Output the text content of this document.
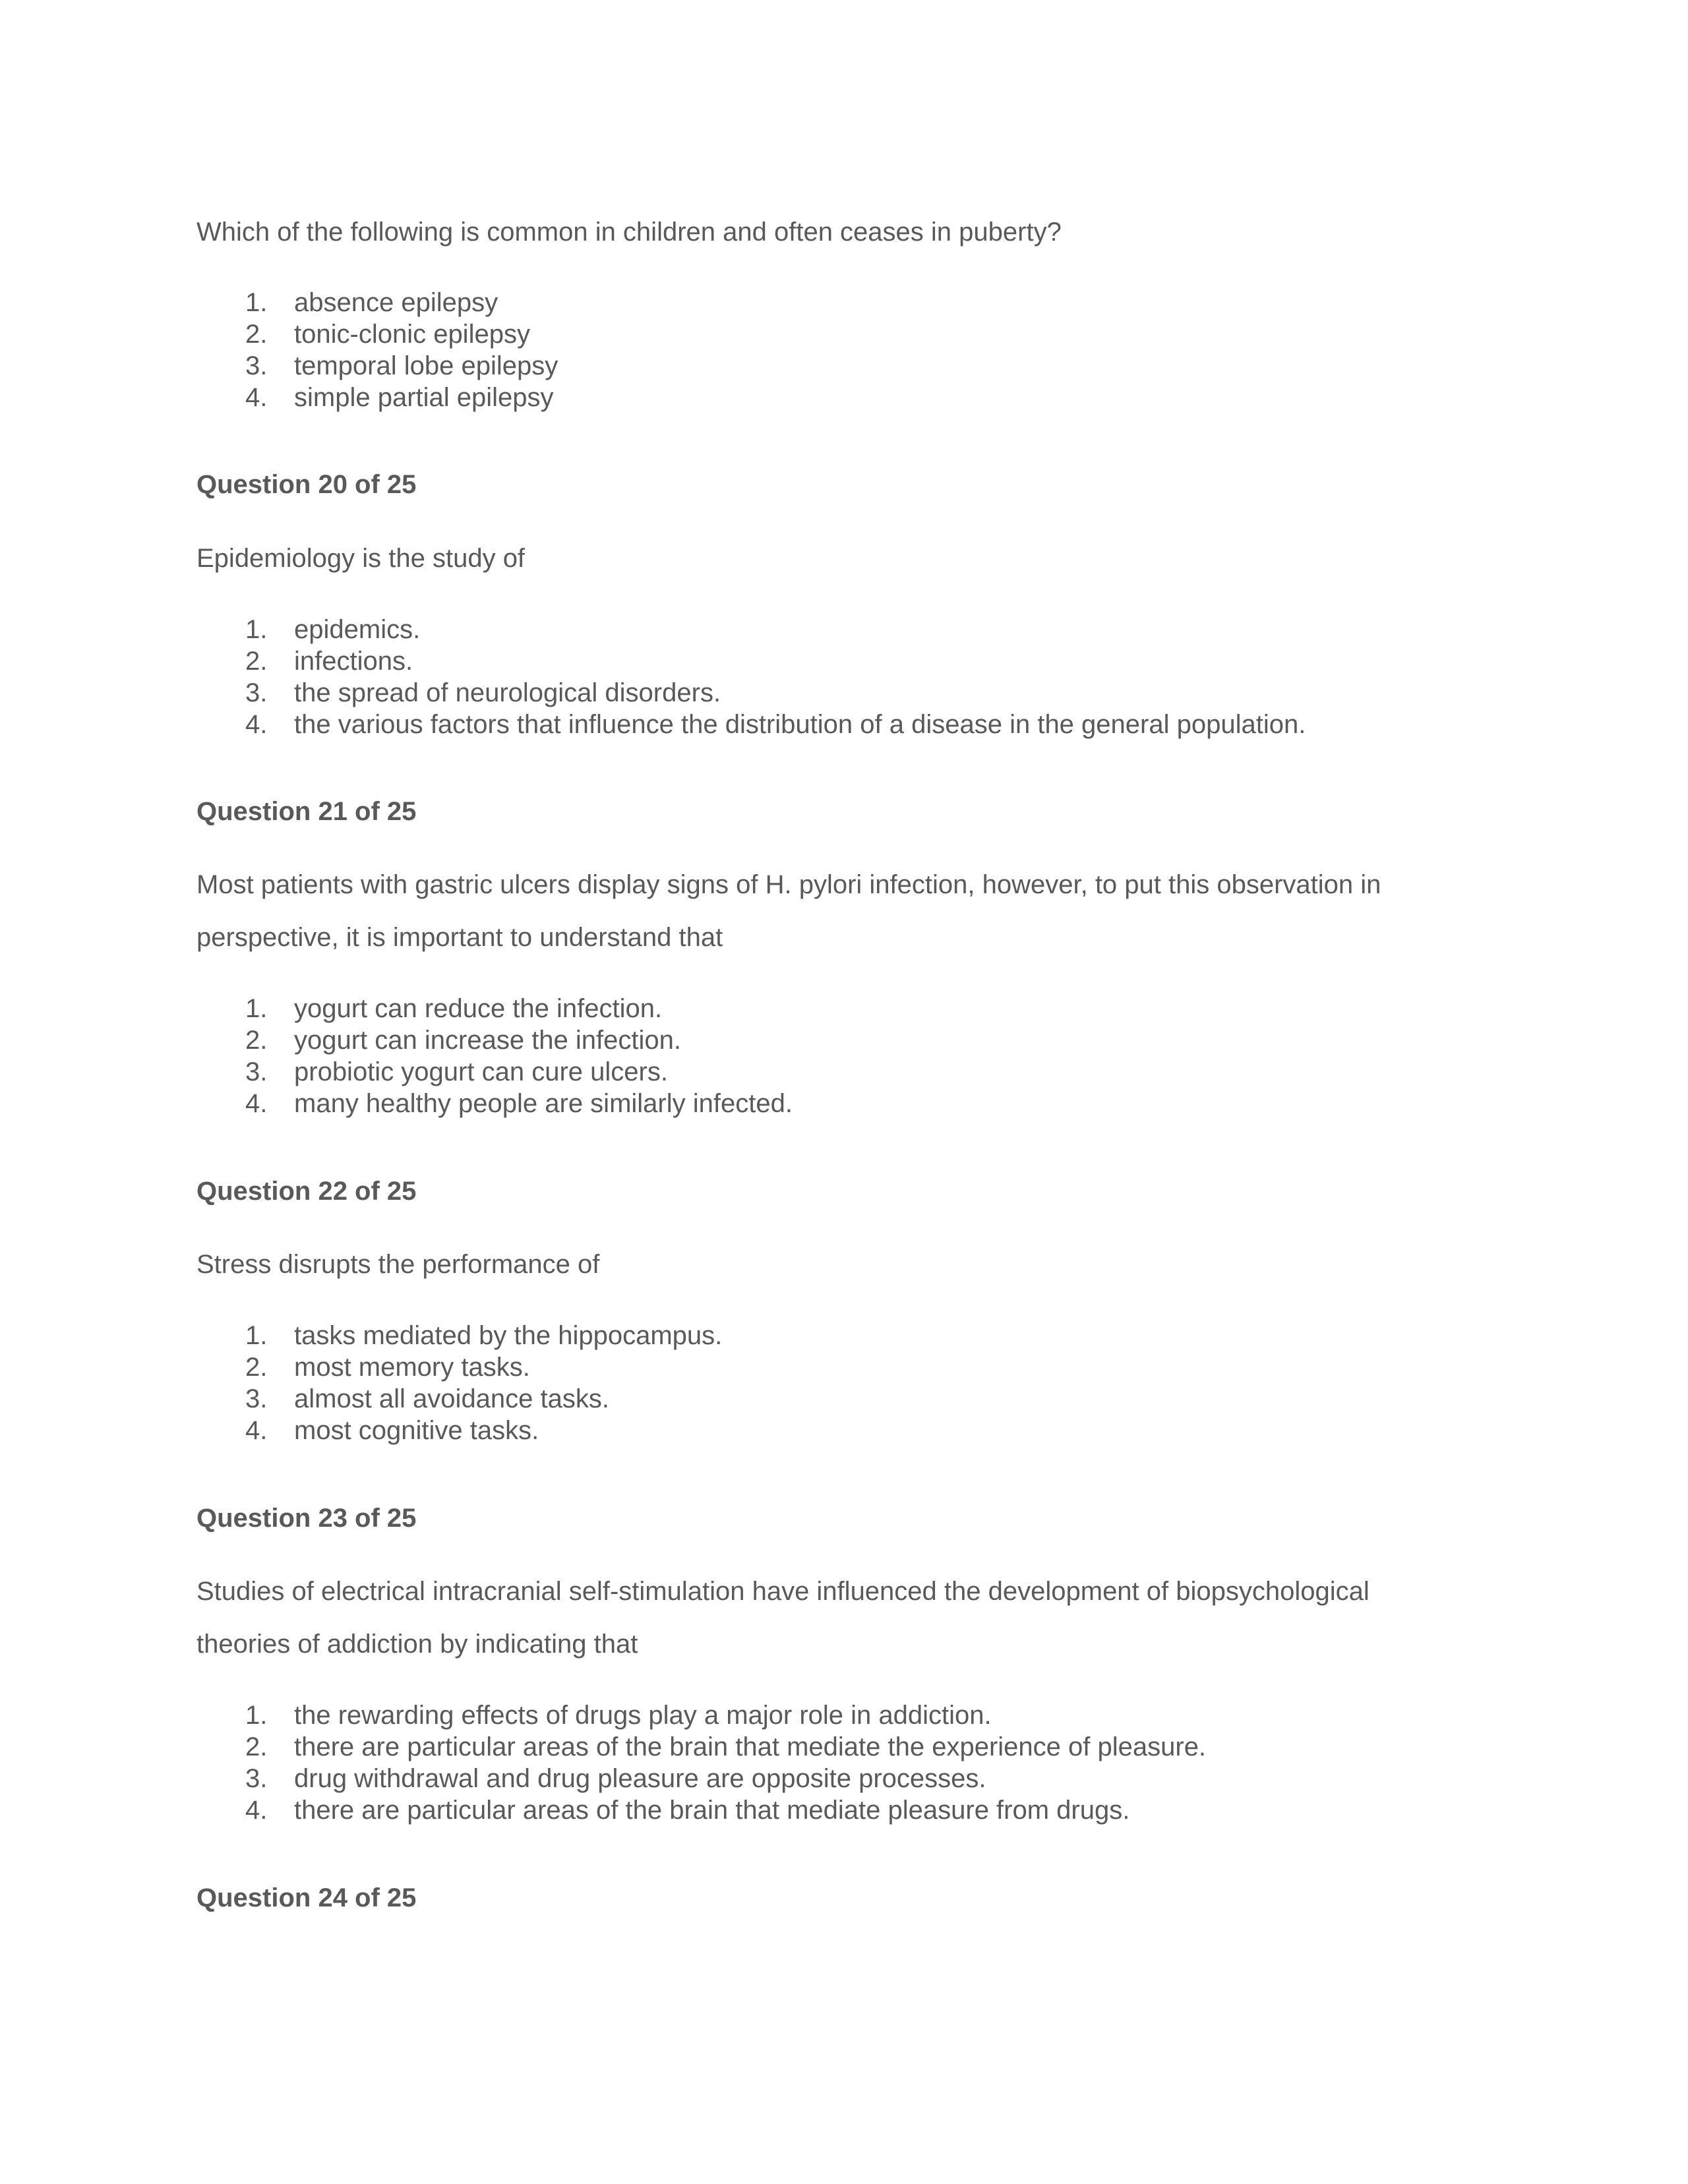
Which of the following is common in children and often ceases in puberty?

1. absence epilepsy
2. tonic-clonic epilepsy
3. temporal lobe epilepsy
4. simple partial epilepsy
Question 20 of 25

Epidemiology is the study of

1. epidemics.
2. infections.
3. the spread of neurological disorders.
4. the various factors that influence the distribution of a disease in the general population.
Question 21 of 25

Most patients with gastric ulcers display signs of H. pylori infection, however, to put this observation in

perspective, it is important to understand that

1. yogurt can reduce the infection.
2. yogurt can increase the infection.
3. probiotic yogurt can cure ulcers.
4. many healthy people are similarly infected.
Question 22 of 25

Stress disrupts the performance of

1. tasks mediated by the hippocampus.
2. most memory tasks.
3. almost all avoidance tasks.
4. most cognitive tasks.
Question 23 of 25

Studies of electrical intracranial self-stimulation have influenced the development of biopsychological

theories of addiction by indicating that

1. the rewarding effects of drugs play a major role in addiction.
2. there are particular areas of the brain that mediate the experience of pleasure.
3. drug withdrawal and drug pleasure are opposite processes.
4. there are particular areas of the brain that mediate pleasure from drugs.
Question 24 of 25
